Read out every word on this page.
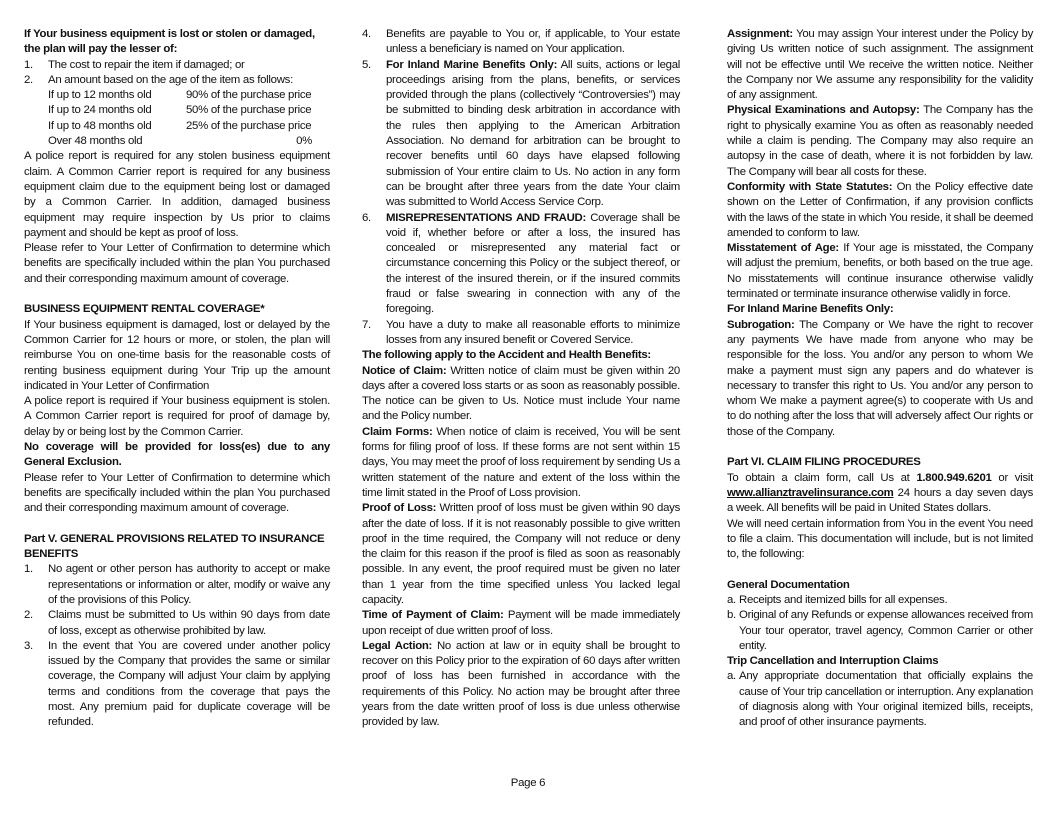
If Your business equipment is lost or stolen or damaged, the plan will pay the lesser of:
1.	The cost to repair the item if damaged; or
2.	An amount based on the age of the item as follows:
If up to 12 months old	90% of the purchase price
If up to 24 months old	50% of the purchase price
If up to 48 months old	25% of the purchase price
Over 48 months old	0%
A police report is required for any stolen business equipment claim. A Common Carrier report is required for any business equipment claim due to the equipment being lost or damaged by a Common Carrier. In addition, damaged business equipment may require inspection by Us prior to claims payment and should be kept as proof of loss.
Please refer to Your Letter of Confirmation to determine which benefits are specifically included within the plan You purchased and their corresponding maximum amount of coverage.
BUSINESS EQUIPMENT RENTAL COVERAGE*
If Your business equipment is damaged, lost or delayed by the Common Carrier for 12 hours or more, or stolen, the plan will reimburse You on one-time basis for the reasonable costs of renting business equipment during Your Trip up the amount indicated in Your Letter of Confirmation
A police report is required if Your business equipment is stolen. A Common Carrier report is required for proof of damage by, delay by or being lost by the Common Carrier.
No coverage will be provided for loss(es) due to any General Exclusion.
Please refer to Your Letter of Confirmation to determine which benefits are specifically included within the plan You purchased and their corresponding maximum amount of coverage.
Part V. GENERAL PROVISIONS RELATED TO INSURANCE BENEFITS
1.	No agent or other person has authority to accept or make representations or information or alter, modify or waive any of the provisions of this Policy.
2.	Claims must be submitted to Us within 90 days from date of loss, except as otherwise prohibited by law.
3.	In the event that You are covered under another policy issued by the Company that provides the same or similar coverage, the Company will adjust Your claim by applying terms and conditions from the coverage that pays the most. Any premium paid for duplicate coverage will be refunded.
4.	Benefits are payable to You or, if applicable, to Your estate unless a beneficiary is named on Your application.
5.	For Inland Marine Benefits Only: All suits, actions or legal proceedings arising from the plans, benefits, or services provided through the plans (collectively “Controversies”) may be submitted to binding desk arbitration in accordance with the rules then applying to the American Arbitration Association. No demand for arbitration can be brought to recover benefits until 60 days have elapsed following submission of Your entire claim to Us. No action in any form can be brought after three years from the date Your claim was submitted to World Access Service Corp.
6.	MISREPRESENTATIONS AND FRAUD: Coverage shall be void if, whether before or after a loss, the insured has concealed or misrepresented any material fact or circumstance concerning this Policy or the subject thereof, or the interest of the insured therein, or if the insured commits fraud or false swearing in connection with any of the foregoing.
7.	You have a duty to make all reasonable efforts to minimize losses from any insured benefit or Covered Service.
The following apply to the Accident and Health Benefits:
Notice of Claim: Written notice of claim must be given within 20 days after a covered loss starts or as soon as reasonably possible. The notice can be given to Us. Notice must include Your name and the Policy number.
Claim Forms: When notice of claim is received, You will be sent forms for filing proof of loss. If these forms are not sent within 15 days, You may meet the proof of loss requirement by sending Us a written statement of the nature and extent of the loss within the time limit stated in the Proof of Loss provision.
Proof of Loss: Written proof of loss must be given within 90 days after the date of loss. If it is not reasonably possible to give written proof in the time required, the Company will not reduce or deny the claim for this reason if the proof is filed as soon as reasonably possible. In any event, the proof required must be given no later than 1 year from the time specified unless You lacked legal capacity.
Time of Payment of Claim: Payment will be made immediately upon receipt of due written proof of loss.
Legal Action: No action at law or in equity shall be brought to recover on this Policy prior to the expiration of 60 days after written proof of loss has been furnished in accordance with the requirements of this Policy. No action may be brought after three years from the date written proof of loss is due unless otherwise provided by law.
Assignment: You may assign Your interest under the Policy by giving Us written notice of such assignment. The assignment will not be effective until We receive the written notice. Neither the Company nor We assume any responsibility for the validity of any assignment.
Physical Examinations and Autopsy: The Company has the right to physically examine You as often as reasonably needed while a claim is pending. The Company may also require an autopsy in the case of death, where it is not forbidden by law. The Company will bear all costs for these.
Conformity with State Statutes: On the Policy effective date shown on the Letter of Confirmation, if any provision conflicts with the laws of the state in which You reside, it shall be deemed amended to conform to law.
Misstatement of Age: If Your age is misstated, the Company will adjust the premium, benefits, or both based on the true age. No misstatements will continue insurance otherwise validly terminated or terminate insurance otherwise validly in force.
For Inland Marine Benefits Only:
Subrogation: The Company or We have the right to recover any payments We have made from anyone who may be responsible for the loss. You and/or any person to whom We make a payment must sign any papers and do whatever is necessary to transfer this right to Us. You and/or any person to whom We make a payment agree(s) to cooperate with Us and to do nothing after the loss that will adversely affect Our rights or those of the Company.
Part VI. CLAIM FILING PROCEDURES
To obtain a claim form, call Us at 1.800.949.6201 or visit www.allianztravelinsurance.com 24 hours a day seven days a week. All benefits will be paid in United States dollars.
We will need certain information from You in the event You need to file a claim. This documentation will include, but is not limited to, the following:
General Documentation
a. Receipts and itemized bills for all expenses.
b. Original of any Refunds or expense allowances received from Your tour operator, travel agency, Common Carrier or other entity.
Trip Cancellation and Interruption Claims
a. Any appropriate documentation that officially explains the cause of Your trip cancellation or interruption. Any explanation of diagnosis along with Your original itemized bills, receipts, and proof of other insurance payments.
Page 6
